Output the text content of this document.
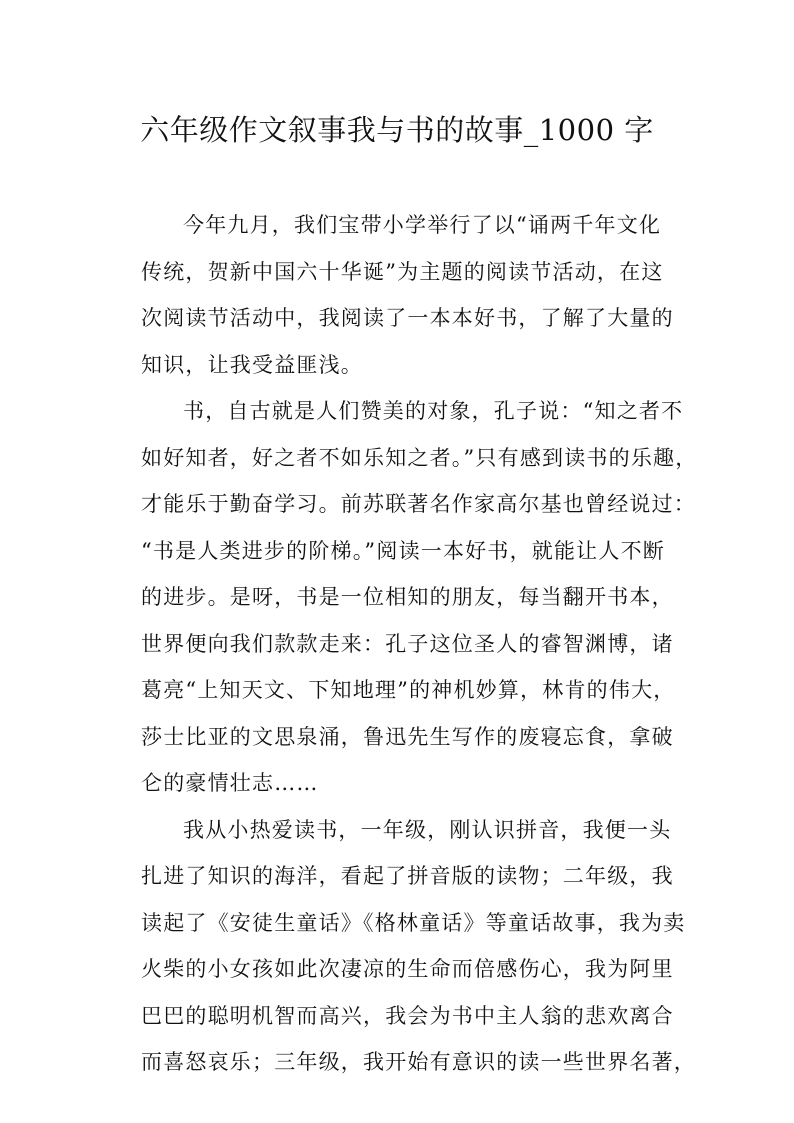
六年级作文叙事我与书的故事_1000 字
今年九月，我们宝带小学举行了以“诵两千年文化
传统，贺新中国六十华诞”为主题的阅读节活动，在这
次阅读节活动中，我阅读了一本本好书，了解了大量的
知识，让我受益匪浅。
书，自古就是人们赞美的对象，孔子说：“知之者不
如好知者，好之者不如乐知之者。”只有感到读书的乐趣，
才能乐于勤奋学习。前苏联著名作家高尔基也曾经说过：
“书是人类进步的阶梯。”阅读一本好书，就能让人不断
的进步。是呀，书是一位相知的朋友，每当翻开书本，
世界便向我们款款走来：孔子这位圣人的睿智渊博，诸
葛亮“上知天文、下知地理”的神机妙算，林肯的伟大，
莎士比亚的文思泉涌，鲁迅先生写作的废寝忘食，拿破
仑的豪情壮志……
我从小热爱读书，一年级，刚认识拼音，我便一头
扎进了知识的海洋，看起了拼音版的读物；二年级，我
读起了《安徒生童话》《格林童话》等童话故事，我为卖
火柴的小女孩如此次凄凉的生命而倍感伤心，我为阿里
巴巴的聪明机智而高兴，我会为书中主人翁的悲欢离合
而喜怒哀乐；三年级，我开始有意识的读一些世界名著，
